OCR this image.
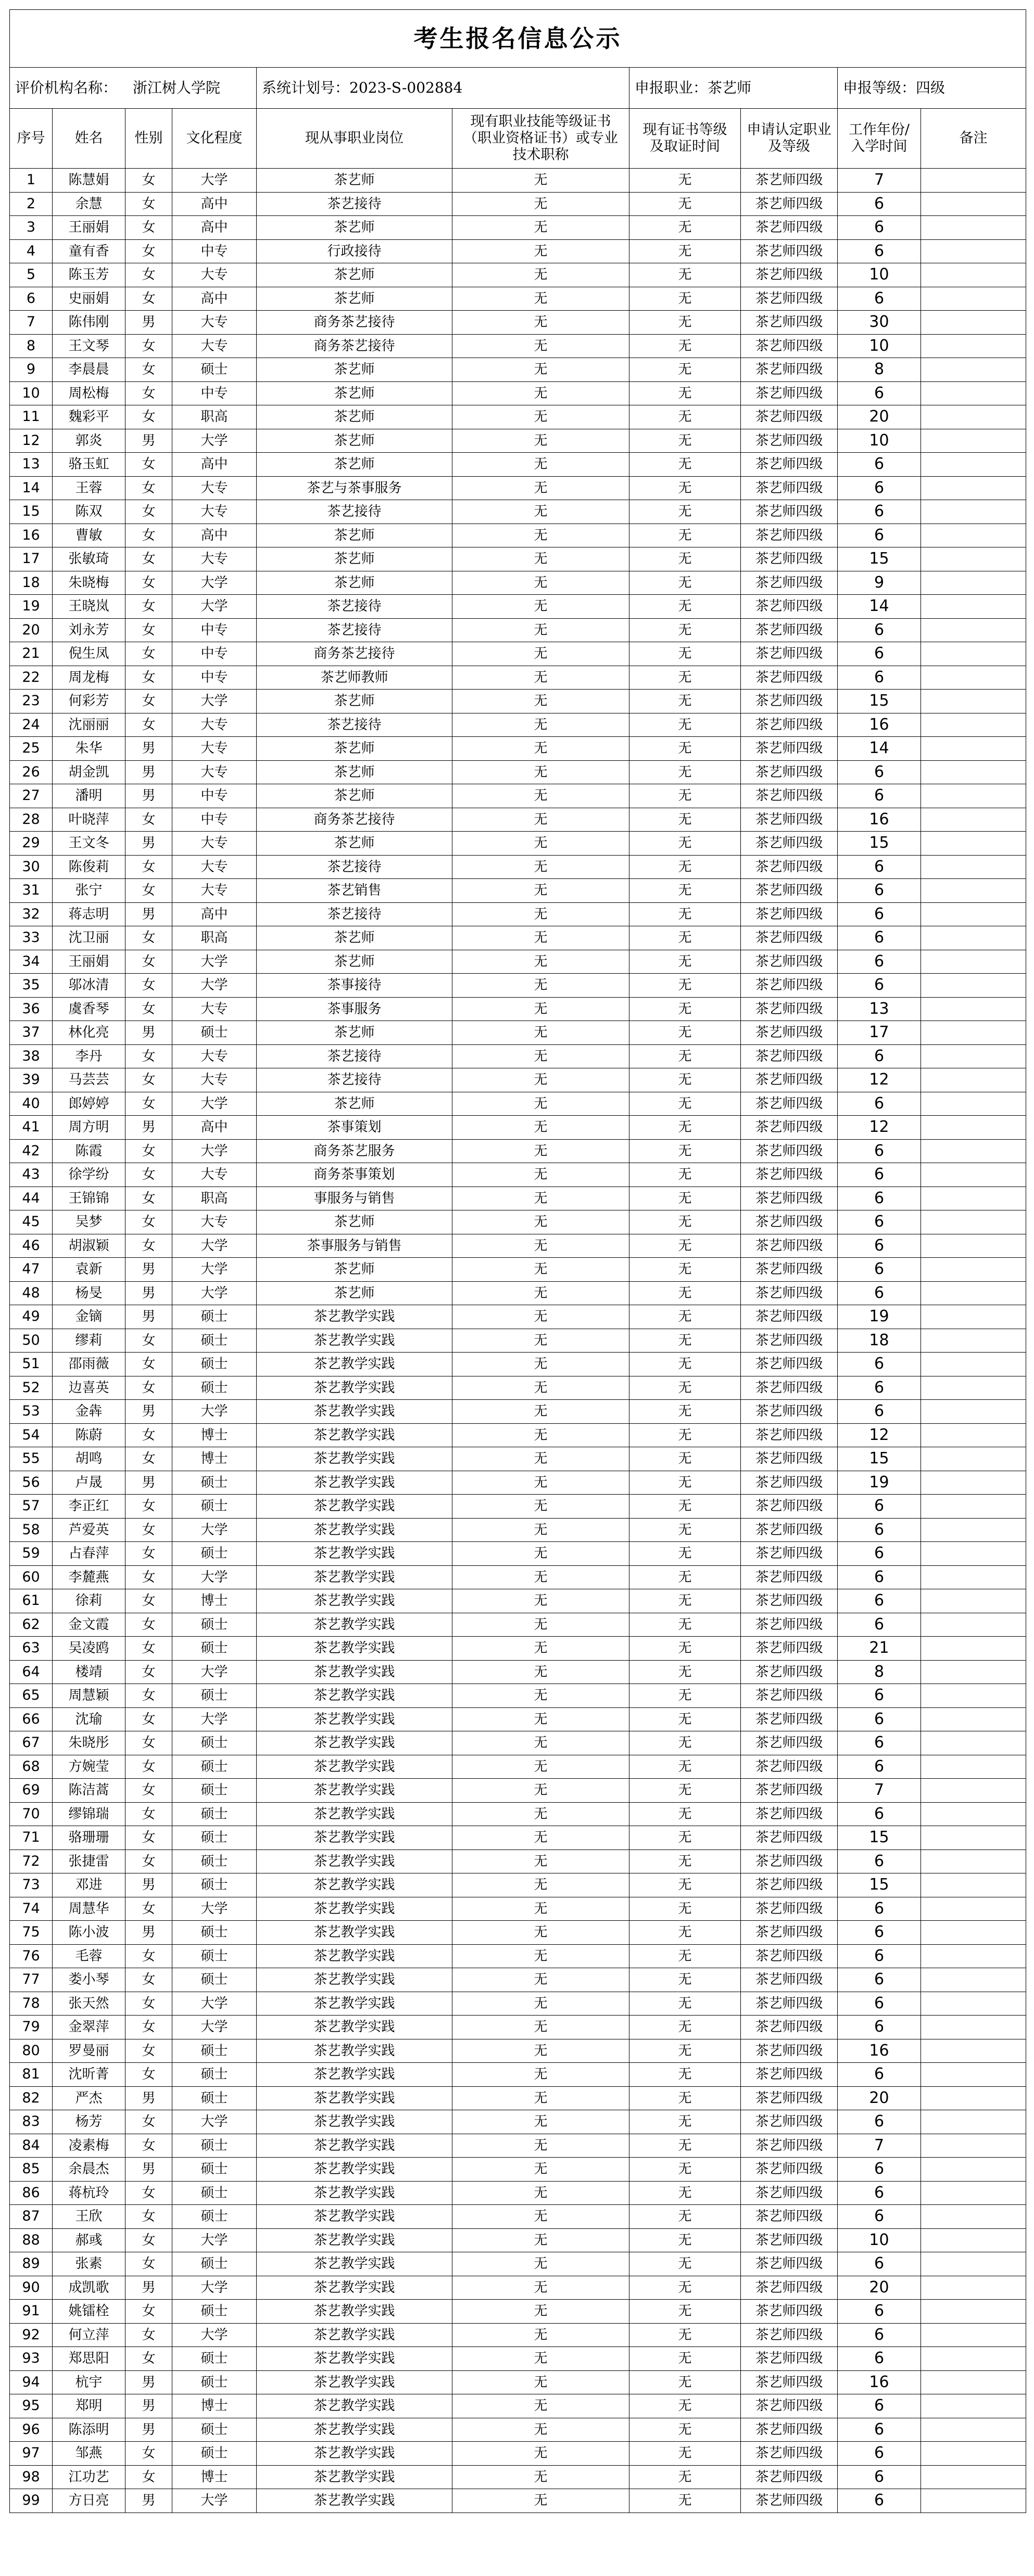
考生报名信息公示									
评价机构名称： 浙江树人学院				系统计划号：2023-S-002884		申报职业：茶艺师		申报等级：四级	
序号	姓名	性别	文化程度	现从事职业岗位	现有职业技能等级证书（职业资格证书）或专业技术职称	现有证书等级及取证时间	申请认定职业及等级	工作年份/入学时间	备注
1	陈慧娟	女	大学	茶艺师	无	无	茶艺师四级	7	
2	余慧	女	高中	茶艺接待	无	无	茶艺师四级	6	
3	王丽娟	女	高中	茶艺师	无	无	茶艺师四级	6	
4	童有香	女	中专	行政接待	无	无	茶艺师四级	6	
5	陈玉芳	女	大专	茶艺师	无	无	茶艺师四级	10	
6	史丽娟	女	高中	茶艺师	无	无	茶艺师四级	6	
7	陈伟刚	男	大专	商务茶艺接待	无	无	茶艺师四级	30	
8	王文琴	女	大专	商务茶艺接待	无	无	茶艺师四级	10	
9	李晨晨	女	硕士	茶艺师	无	无	茶艺师四级	8	
10	周松梅	女	中专	茶艺师	无	无	茶艺师四级	6	
11	魏彩平	女	职高	茶艺师	无	无	茶艺师四级	20	
12	郭炎	男	大学	茶艺师	无	无	茶艺师四级	10	
13	骆玉虹	女	高中	茶艺师	无	无	茶艺师四级	6	
14	王蓉	女	大专	茶艺与茶事服务	无	无	茶艺师四级	6	
15	陈双	女	大专	茶艺接待	无	无	茶艺师四级	6	
16	曹敏	女	高中	茶艺师	无	无	茶艺师四级	6	
17	张敏琦	女	大专	茶艺师	无	无	茶艺师四级	15	
18	朱晓梅	女	大学	茶艺师	无	无	茶艺师四级	9	
19	王晓岚	女	大学	茶艺接待	无	无	茶艺师四级	14	
20	刘永芳	女	中专	茶艺接待	无	无	茶艺师四级	6	
21	倪生凤	女	中专	商务茶艺接待	无	无	茶艺师四级	6	
22	周龙梅	女	中专	茶艺师教师	无	无	茶艺师四级	6	
23	何彩芳	女	大学	茶艺师	无	无	茶艺师四级	15	
24	沈丽丽	女	大专	茶艺接待	无	无	茶艺师四级	16	
25	朱华	男	大专	茶艺师	无	无	茶艺师四级	14	
26	胡金凯	男	大专	茶艺师	无	无	茶艺师四级	6	
27	潘明	男	中专	茶艺师	无	无	茶艺师四级	6	
28	叶晓萍	女	中专	商务茶艺接待	无	无	茶艺师四级	16	
29	王文冬	男	大专	茶艺师	无	无	茶艺师四级	15	
30	陈俊莉	女	大专	茶艺接待	无	无	茶艺师四级	6	
31	张宁	女	大专	茶艺销售	无	无	茶艺师四级	6	
32	蒋志明	男	高中	茶艺接待	无	无	茶艺师四级	6	
33	沈卫丽	女	职高	茶艺师	无	无	茶艺师四级	6	
34	王丽娟	女	大学	茶艺师	无	无	茶艺师四级	6	
35	邬冰清	女	大学	茶事接待	无	无	茶艺师四级	6	
36	虞香琴	女	大专	茶事服务	无	无	茶艺师四级	13	
37	林化亮	男	硕士	茶艺师	无	无	茶艺师四级	17	
38	李丹	女	大专	茶艺接待	无	无	茶艺师四级	6	
39	马芸芸	女	大专	茶艺接待	无	无	茶艺师四级	12	
40	郎婷婷	女	大学	茶艺师	无	无	茶艺师四级	6	
41	周方明	男	高中	茶事策划	无	无	茶艺师四级	12	
42	陈霞	女	大学	商务茶艺服务	无	无	茶艺师四级	6	
43	徐学纷	女	大专	商务茶事策划	无	无	茶艺师四级	6	
44	王锦锦	女	职高	事服务与销售	无	无	茶艺师四级	6	
45	吴梦	女	大专	茶艺师	无	无	茶艺师四级	6	
46	胡淑颖	女	大学	茶事服务与销售	无	无	茶艺师四级	6	
47	袁新	男	大学	茶艺师	无	无	茶艺师四级	6	
48	杨旻	男	大学	茶艺师	无	无	茶艺师四级	6	
49	金镝	男	硕士	茶艺教学实践	无	无	茶艺师四级	19	
50	缪莉	女	硕士	茶艺教学实践	无	无	茶艺师四级	18	
51	邵雨薇	女	硕士	茶艺教学实践	无	无	茶艺师四级	6	
52	边喜英	女	硕士	茶艺教学实践	无	无	茶艺师四级	6	
53	金犇	男	大学	茶艺教学实践	无	无	茶艺师四级	6	
54	陈蔚	女	博士	茶艺教学实践	无	无	茶艺师四级	12	
55	胡鸣	女	博士	茶艺教学实践	无	无	茶艺师四级	15	
56	卢晟	男	硕士	茶艺教学实践	无	无	茶艺师四级	19	
57	李正红	女	硕士	茶艺教学实践	无	无	茶艺师四级	6	
58	芦爱英	女	大学	茶艺教学实践	无	无	茶艺师四级	6	
59	占春萍	女	硕士	茶艺教学实践	无	无	茶艺师四级	6	
60	李麓燕	女	大学	茶艺教学实践	无	无	茶艺师四级	6	
61	徐莉	女	博士	茶艺教学实践	无	无	茶艺师四级	6	
62	金文霞	女	硕士	茶艺教学实践	无	无	茶艺师四级	6	
63	吴凌鸥	女	硕士	茶艺教学实践	无	无	茶艺师四级	21	
64	楼靖	女	大学	茶艺教学实践	无	无	茶艺师四级	8	
65	周慧颖	女	硕士	茶艺教学实践	无	无	茶艺师四级	6	
66	沈瑜	女	大学	茶艺教学实践	无	无	茶艺师四级	6	
67	朱晓彤	女	硕士	茶艺教学实践	无	无	茶艺师四级	6	
68	方婉莹	女	硕士	茶艺教学实践	无	无	茶艺师四级	6	
69	陈洁蒿	女	硕士	茶艺教学实践	无	无	茶艺师四级	7	
70	缪锦瑞	女	硕士	茶艺教学实践	无	无	茶艺师四级	6	
71	骆珊珊	女	硕士	茶艺教学实践	无	无	茶艺师四级	15	
72	张捷雷	女	硕士	茶艺教学实践	无	无	茶艺师四级	6	
73	邓进	男	硕士	茶艺教学实践	无	无	茶艺师四级	15	
74	周慧华	女	大学	茶艺教学实践	无	无	茶艺师四级	6	
75	陈小波	男	硕士	茶艺教学实践	无	无	茶艺师四级	6	
76	毛蓉	女	硕士	茶艺教学实践	无	无	茶艺师四级	6	
77	娄小琴	女	硕士	茶艺教学实践	无	无	茶艺师四级	6	
78	张天然	女	大学	茶艺教学实践	无	无	茶艺师四级	6	
79	金翠萍	女	大学	茶艺教学实践	无	无	茶艺师四级	6	
80	罗曼丽	女	硕士	茶艺教学实践	无	无	茶艺师四级	16	
81	沈昕菁	女	硕士	茶艺教学实践	无	无	茶艺师四级	6	
82	严杰	男	硕士	茶艺教学实践	无	无	茶艺师四级	20	
83	杨芳	女	大学	茶艺教学实践	无	无	茶艺师四级	6	
84	凌素梅	女	硕士	茶艺教学实践	无	无	茶艺师四级	7	
85	余晨杰	男	硕士	茶艺教学实践	无	无	茶艺师四级	6	
86	蒋杭玲	女	硕士	茶艺教学实践	无	无	茶艺师四级	6	
87	王欣	女	硕士	茶艺教学实践	无	无	茶艺师四级	6	
88	郝彧	女	大学	茶艺教学实践	无	无	茶艺师四级	10	
89	张素	女	硕士	茶艺教学实践	无	无	茶艺师四级	6	
90	成凯歌	男	大学	茶艺教学实践	无	无	茶艺师四级	20	
91	姚镭栓	女	硕士	茶艺教学实践	无	无	茶艺师四级	6	
92	何立萍	女	大学	茶艺教学实践	无	无	茶艺师四级	6	
93	郑思阳	女	硕士	茶艺教学实践	无	无	茶艺师四级	6	
94	杭宇	男	硕士	茶艺教学实践	无	无	茶艺师四级	16	
95	郑明	男	博士	茶艺教学实践	无	无	茶艺师四级	6	
96	陈添明	男	硕士	茶艺教学实践	无	无	茶艺师四级	6	
97	邹燕	女	硕士	茶艺教学实践	无	无	茶艺师四级	6	
98	江功艺	女	博士	茶艺教学实践	无	无	茶艺师四级	6	
99	方日亮	男	大学	茶艺教学实践	无	无	茶艺师四级	6	
